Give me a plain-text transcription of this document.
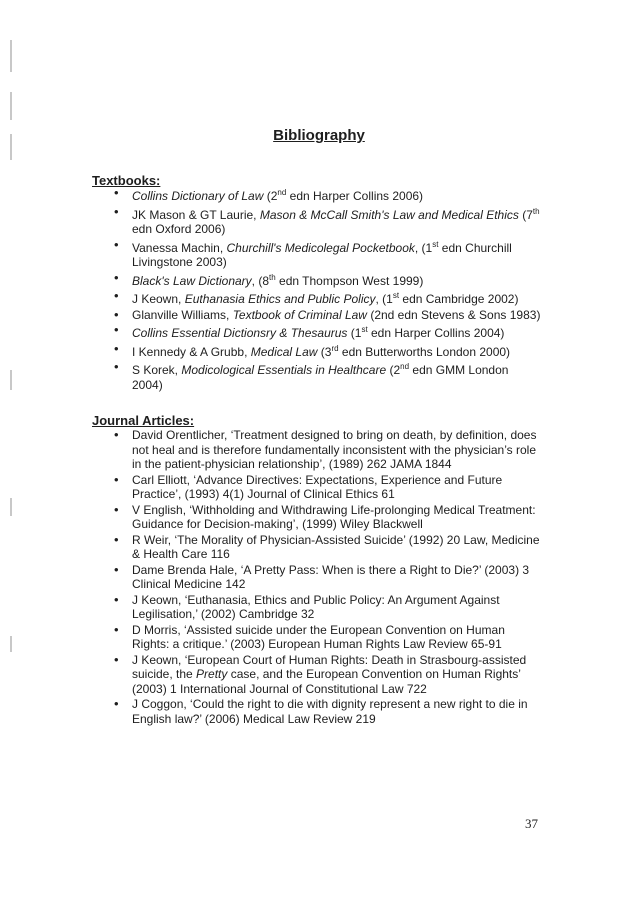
Bibliography
Textbooks:
• Collins Dictionary of Law (2nd edn Harper Collins 2006)
• JK Mason & GT Laurie, Mason & McCall Smith's Law and Medical Ethics (7th edn Oxford 2006)
• Vanessa Machin, Churchill's Medicolegal Pocketbook, (1st edn Churchill Livingstone 2003)
• Black's Law Dictionary, (8th edn Thompson West 1999)
• J Keown, Euthanasia Ethics and Public Policy, (1st edn Cambridge 2002)
• Glanville Williams, Textbook of Criminal Law (2nd edn Stevens & Sons 1983)
• Collins Essential Dictionsry & Thesaurus (1st edn Harper Collins 2004)
• I Kennedy & A Grubb, Medical Law (3rd edn Butterworths London 2000)
• S Korek, Modicological Essentials in Healthcare (2nd edn GMM London 2004)
Journal Articles:
• David Orentlicher, ‘Treatment designed to bring on death, by definition, does not heal and is therefore fundamentally inconsistent with the physician’s role in the patient-physician relationship’, (1989) 262 JAMA 1844
• Carl Elliott, ‘Advance Directives: Expectations, Experience and Future Practice’, (1993) 4(1) Journal of Clinical Ethics 61
• V English, ‘Withholding and Withdrawing Life-prolonging Medical Treatment: Guidance for Decision-making’, (1999) Wiley Blackwell
• R Weir, ‘The Morality of Physician-Assisted Suicide’ (1992) 20 Law, Medicine & Health Care 116
• Dame Brenda Hale, ‘A Pretty Pass: When is there a Right to Die?’ (2003) 3 Clinical Medicine 142
• J Keown, ‘Euthanasia, Ethics and Public Policy: An Argument Against Legilisation,’ (2002) Cambridge 32
• D Morris, ‘Assisted suicide under the European Convention on Human Rights: a critique.’ (2003) European Human Rights Law Review 65-91
• J Keown, ‘European Court of Human Rights: Death in Strasbourg-assisted suicide, the Pretty case, and the European Convention on Human Rights’ (2003) 1 International Journal of Constitutional Law 722
• J Coggon, ‘Could the right to die with dignity represent a new right to die in English law?’ (2006) Medical Law Review 219
37
